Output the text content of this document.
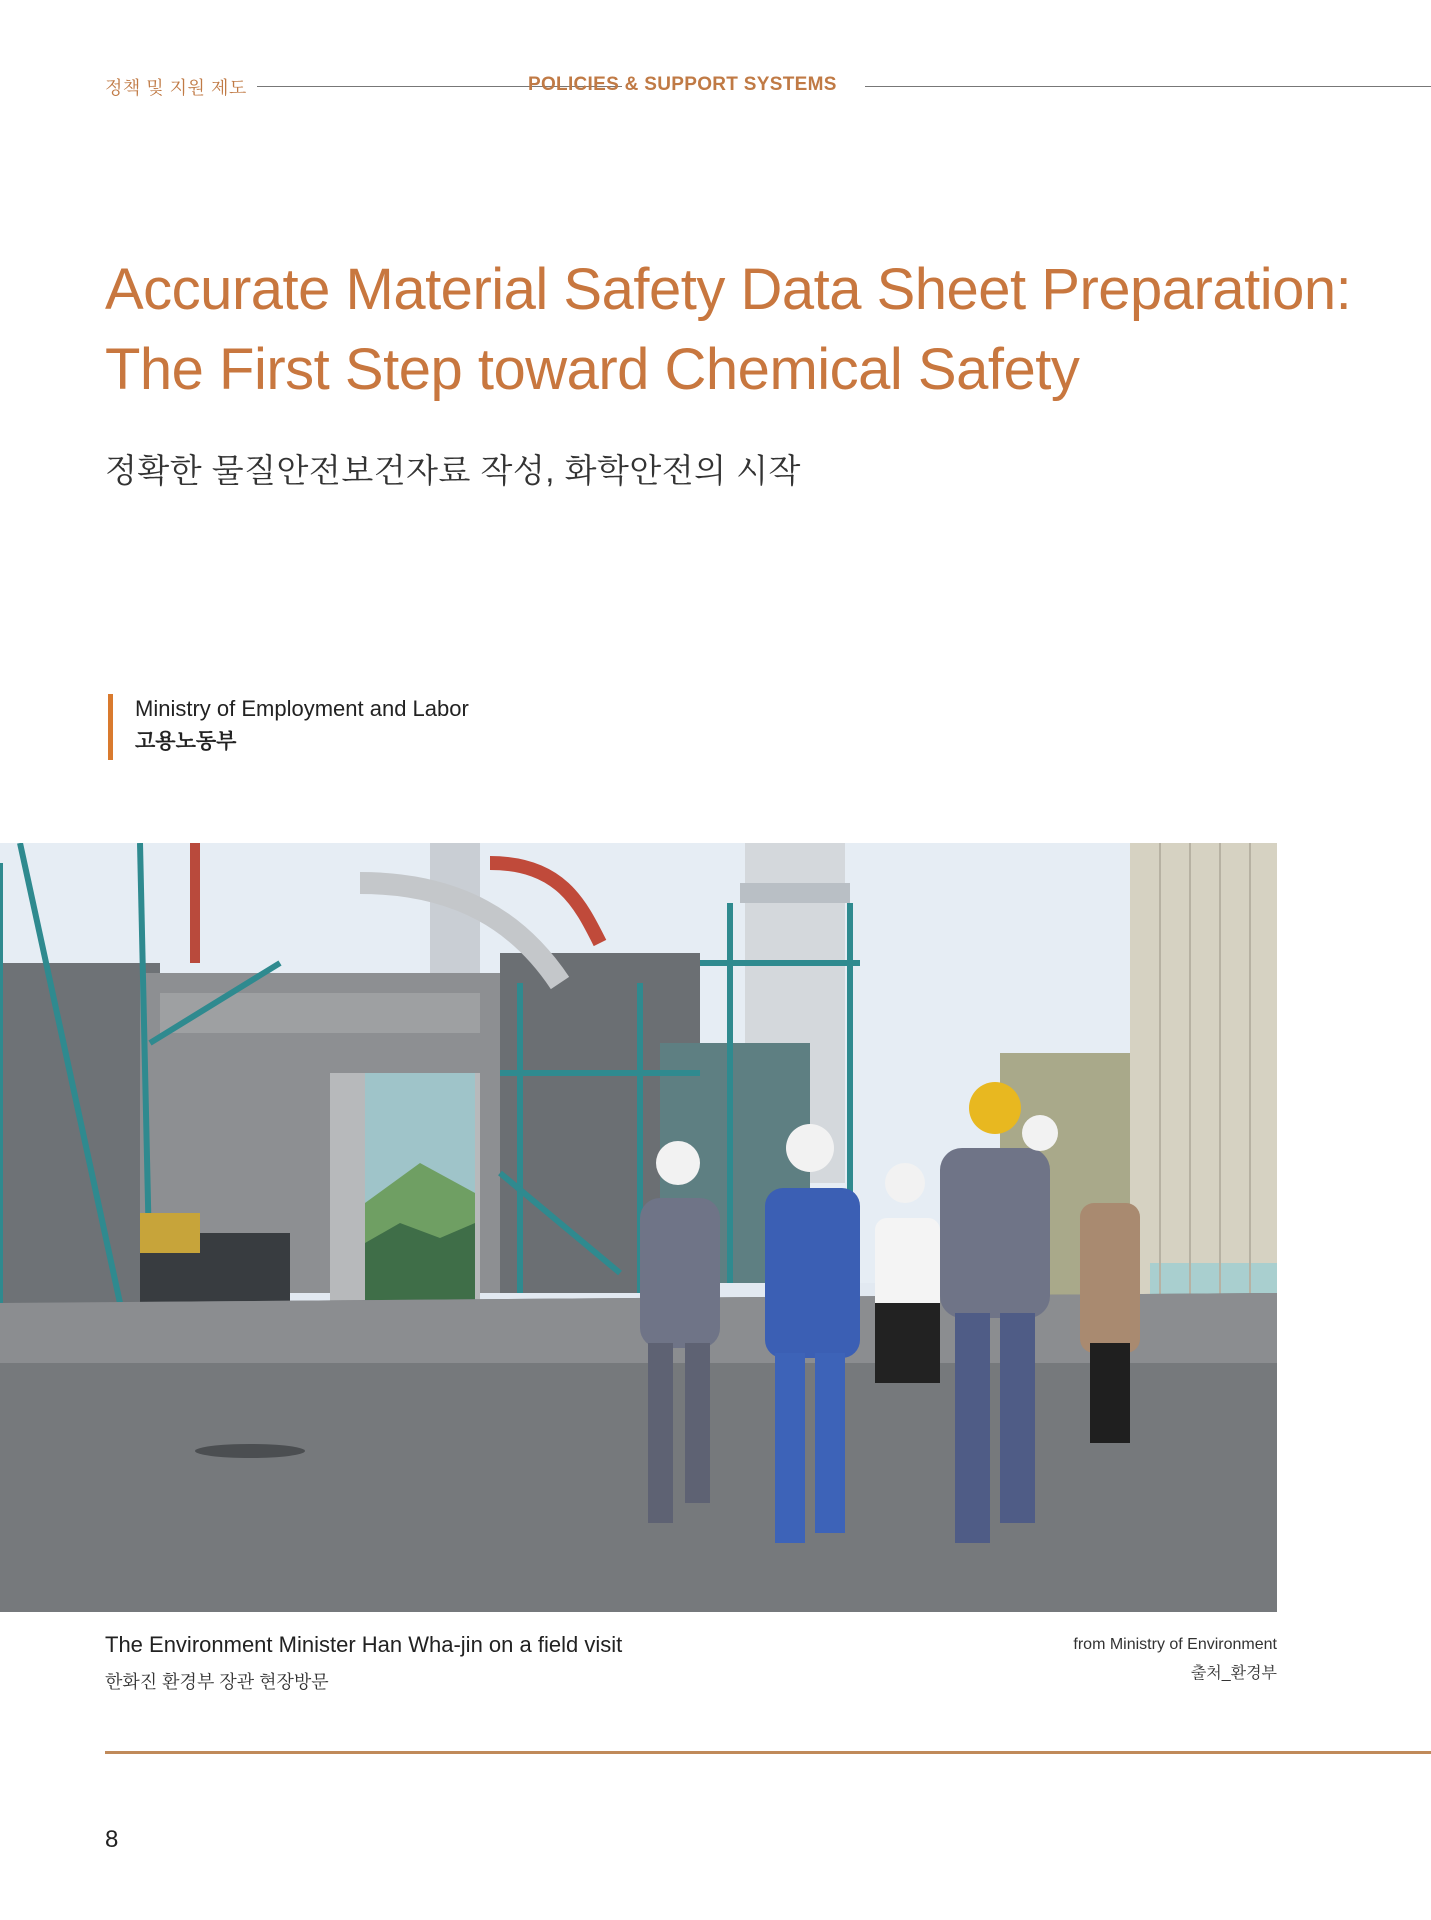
정책 및 지원 제도	POLICIES & SUPPORT SYSTEMS
Accurate Material Safety Data Sheet Preparation:
The First Step toward Chemical Safety
정확한 물질안전보건자료 작성, 화학안전의 시작
Ministry of Employment and Labor
고용노동부
The Environment Minister Han Wha-jin on a field visit
한화진 환경부 장관 현장방문
from Ministry of Environment
출처_환경부
8
